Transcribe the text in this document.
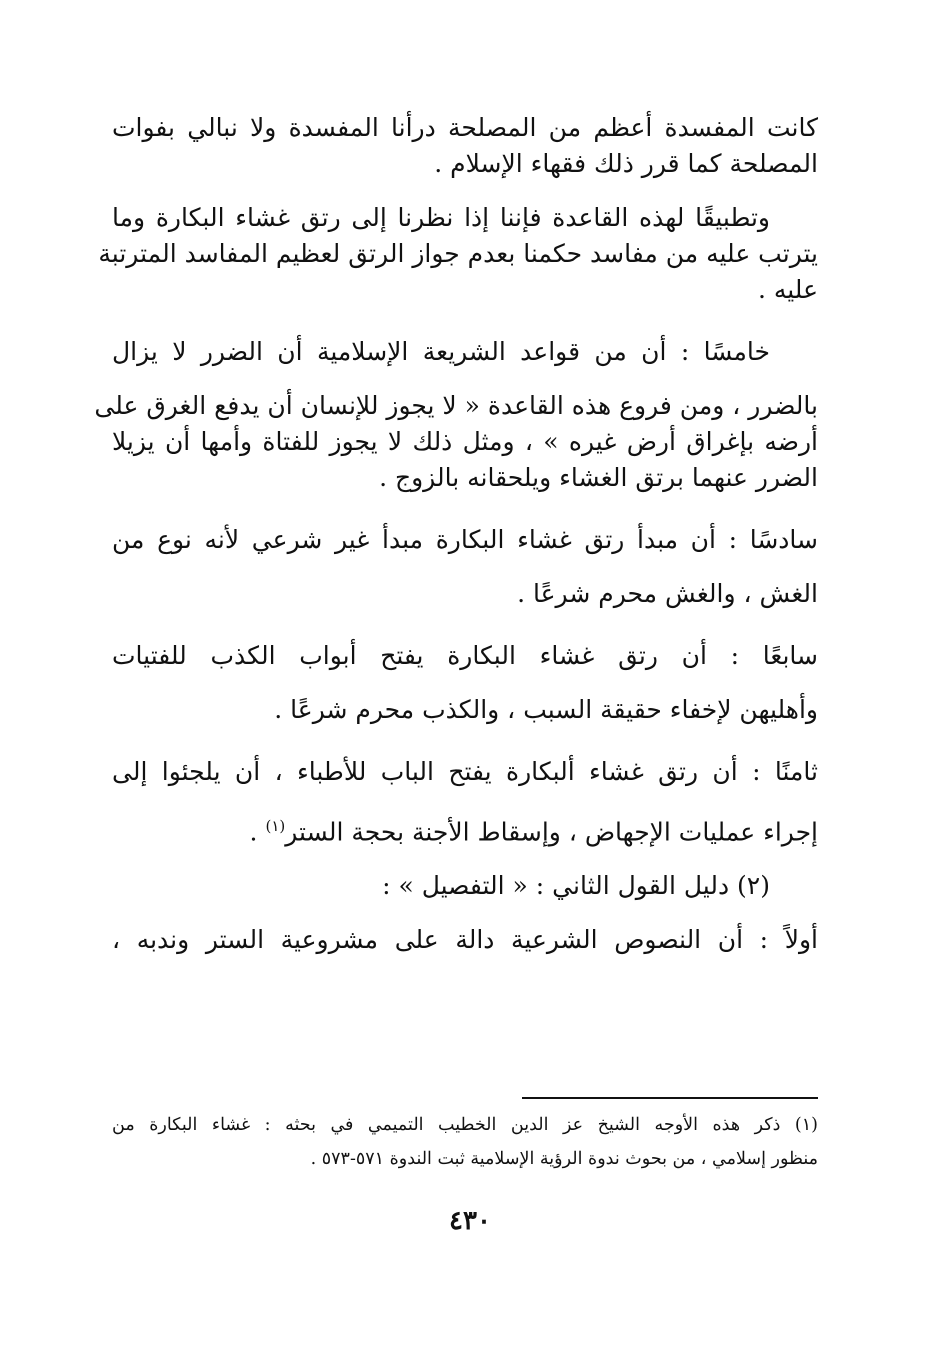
كانت المفسدة أعظم من المصلحة درأنا المفسدة ولا نبالي بفوات
المصلحة كما قرر ذلك فقهاء الإسلام .
وتطبيقًا لهذه القاعدة فإننا إذا نظرنا إلى رتق غشاء البكارة وما
يترتب عليه من مفاسد حكمنا بعدم جواز الرتق لعظيم المفاسد المترتبة
عليه .
خامسًا : أن من قواعد الشريعة الإسلامية أن الضرر لا يزال
بالضرر ، ومن فروع هذه القاعدة « لا يجوز للإنسان أن يدفع الغرق على
أرضه بإغراق أرض غيره » ، ومثل ذلك لا يجوز للفتاة وأمها أن يزيلا
الضرر عنهما برتق الغشاء ويلحقانه بالزوج .
سادسًا : أن مبدأ رتق غشاء البكارة مبدأ غير شرعي لأنه نوع من
الغش ، والغش محرم شرعًا .
سابعًا : أن رتق غشاء البكارة يفتح أبواب الكذب للفتيات
وأهليهن لإخفاء حقيقة السبب ، والكذب محرم شرعًا .
ثامنًا : أن رتق غشاء ألبكارة يفتح الباب للأطباء ، أن يلجئوا إلى
إجراء عمليات الإجهاض ، وإسقاط الأجنة بحجة الستر$^{(١)}$ .
(٢) دليل القول الثاني : « التفصيل » :
أولاً : أن النصوص الشرعية دالة على مشروعية الستر وندبه ،
(١) ذكر هذه الأوجه الشيخ عز الدين الخطيب التميمي في بحثه : غشاء البكارة من
منظور إسلامي ، من بحوث ندوة الرؤية الإسلامية ثبت الندوة ٥٧١-٥٧٣ .
٤٣٠
